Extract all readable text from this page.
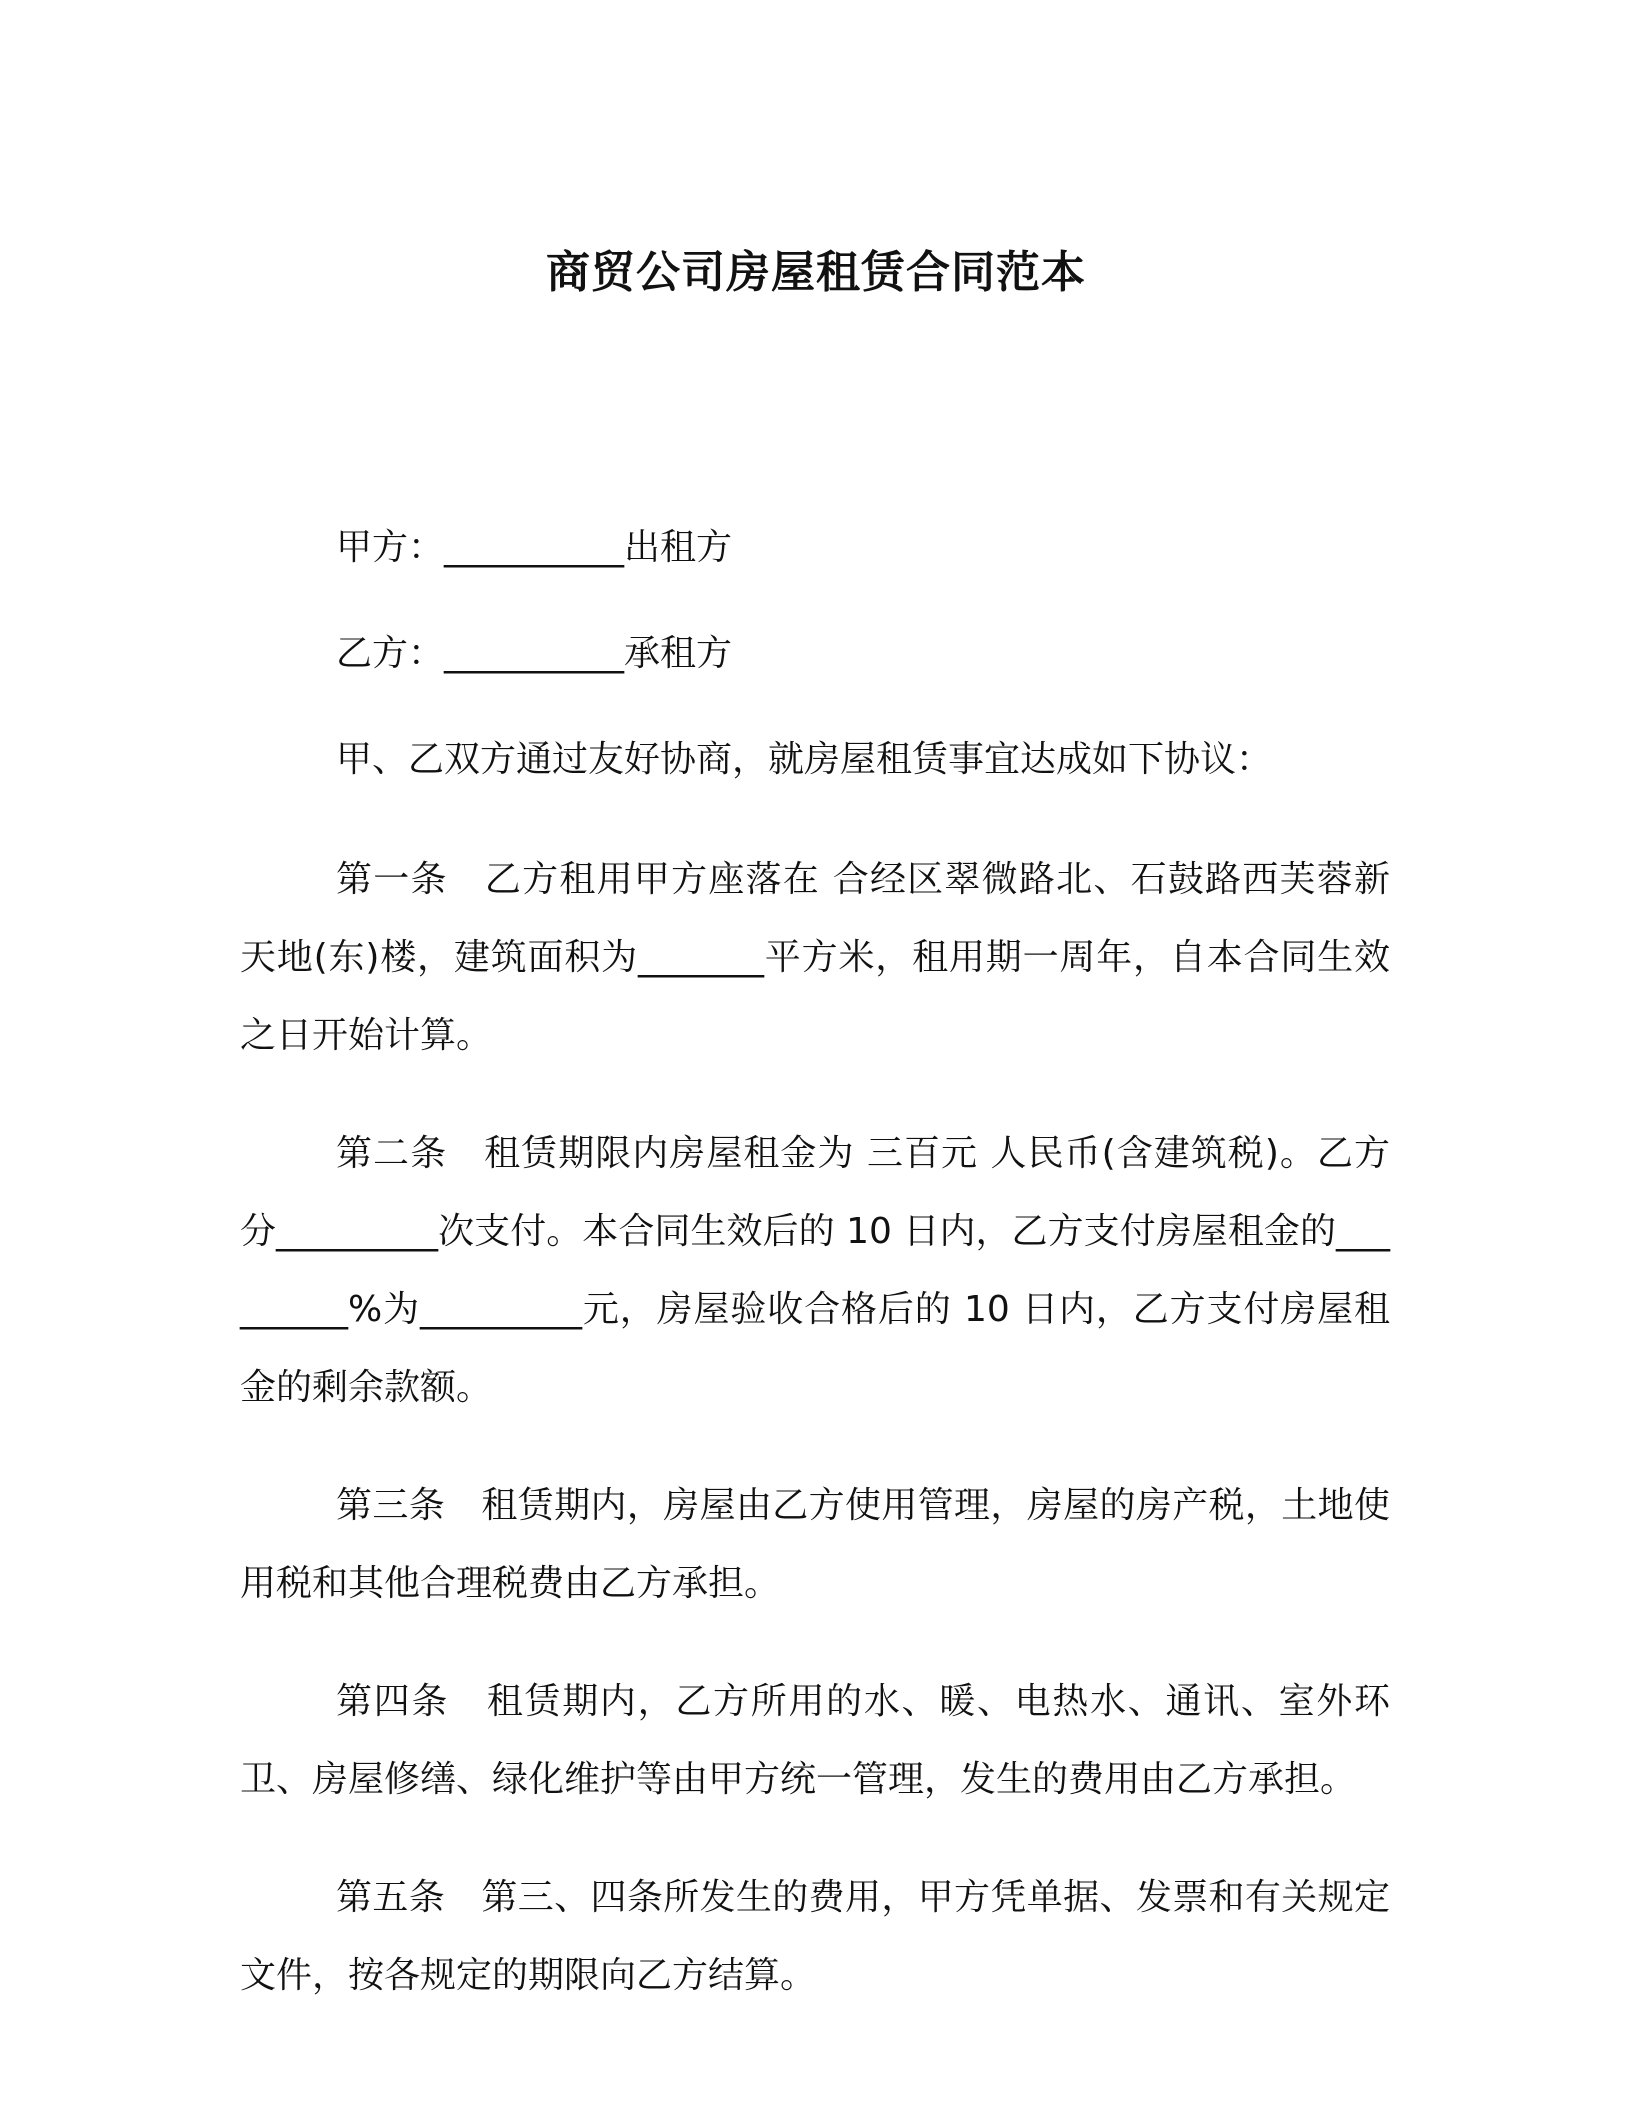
商贸公司房屋租赁合同范本

甲方：__________出租方

乙方：__________承租方

甲、乙双方通过友好协商，就房屋租赁事宜达成如下协议：

第一条　乙方租用甲方座落在 合经区翠微路北、石鼓路西芙蓉新天地(东)楼，建筑面积为_______平方米，租用期一周年，自本合同生效之日开始计算。

第二条　租赁期限内房屋租金为 三百元 人民币(含建筑税)。乙方分_________次支付。本合同生效后的 10 日内，乙方支付房屋租金的_________%为_________元，房屋验收合格后的 10 日内，乙方支付房屋租金的剩余款额。

第三条　租赁期内，房屋由乙方使用管理，房屋的房产税，土地使用税和其他合理税费由乙方承担。

第四条　租赁期内，乙方所用的水、暖、电热水、通讯、室外环卫、房屋修缮、绿化维护等由甲方统一管理，发生的费用由乙方承担。

第五条　第三、四条所发生的费用，甲方凭单据、发票和有关规定文件，按各规定的期限向乙方结算。
